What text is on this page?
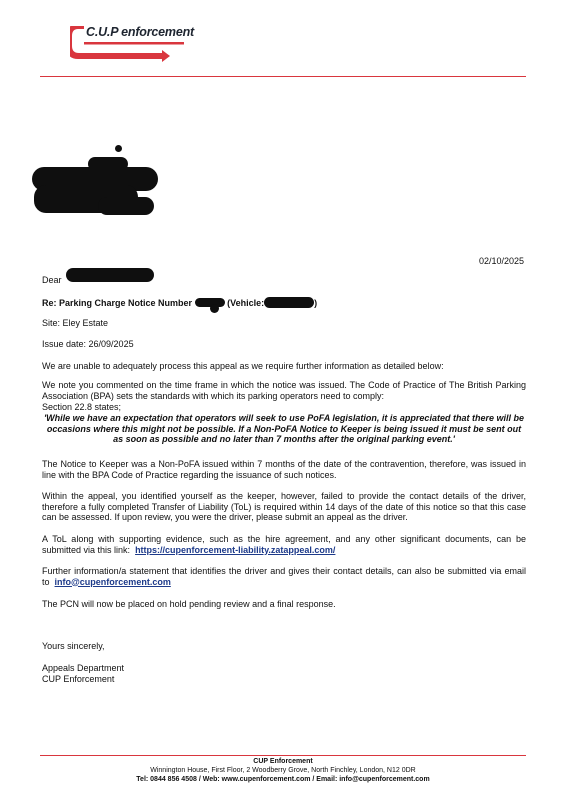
C.U.P enforcement
02/10/2025
Dear
Re: Parking Charge Notice Number	(Vehicle:	)
Site: Eley Estate
Issue date: 26/09/2025
We are unable to adequately process this appeal as we require further information as detailed below:
We note you commented on the time frame in which the notice was issued. The Code of Practice of The British Parking Association (BPA) sets the standards with which its parking operators need to comply:
Section 22.8 states;
'While we have an expectation that operators will seek to use PoFA legislation, it is appreciated that there will be occasions where this might not be possible. If a Non-PoFA Notice to Keeper is being issued it must be sent out as soon as possible and no later than 7 months after the original parking event.'
The Notice to Keeper was a Non-PoFA issued within 7 months of the date of the contravention, therefore, was issued in line with the BPA Code of Practice regarding the issuance of such notices.
Within the appeal, you identified yourself as the keeper, however, failed to provide the contact details of the driver, therefore a fully completed Transfer of Liability (ToL) is required within 14 days of the date of this notice so that this case can be assessed. If upon review, you were the driver, please submit an appeal as the driver.
A ToL along with supporting evidence, such as the hire agreement, and any other significant documents, can be submitted via this link: https://cupenforcement-liability.zatappeal.com/
Further information/a statement that identifies the driver and gives their contact details, can also be submitted via email to info@cupenforcement.com
The PCN will now be placed on hold pending review and a final response.
Yours sincerely,
Appeals Department
CUP Enforcement
CUP Enforcement
Winnington House, First Floor, 2 Woodberry Grove, North Finchley, London, N12 0DR
Tel: 0844 856 4508 / Web: www.cupenforcement.com / Email: info@cupenforcement.com
